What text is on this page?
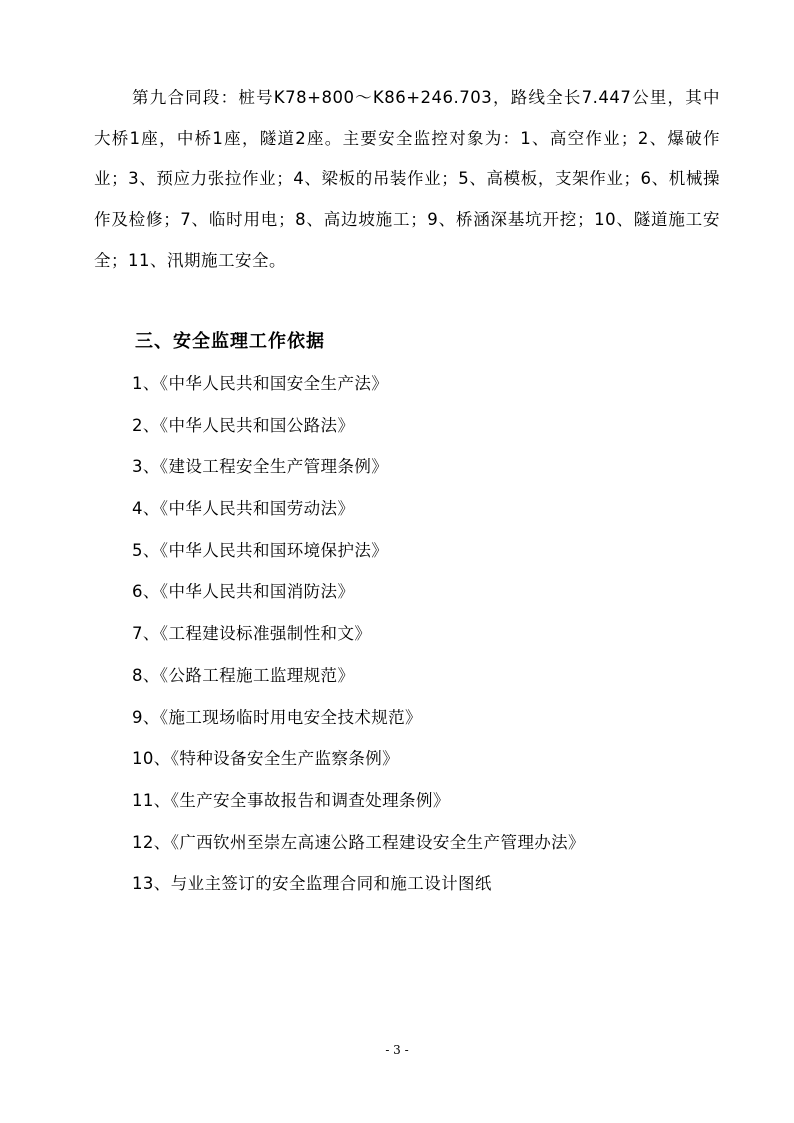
第九合同段：桩号K78+800～K86+246.703，路线全长7.447公里，其中大桥1座，中桥1座，隧道2座。主要安全监控对象为：1、高空作业；2、爆破作业；3、预应力张拉作业；4、梁板的吊装作业；5、高模板，支架作业；6、机械操作及检修；7、临时用电；8、高边坡施工；9、桥涵深基坑开挖；10、隧道施工安全；11、汛期施工安全。

三、安全监理工作依据
1、《中华人民共和国安全生产法》
2、《中华人民共和国公路法》
3、《建设工程安全生产管理条例》
4、《中华人民共和国劳动法》
5、《中华人民共和国环境保护法》
6、《中华人民共和国消防法》
7、《工程建设标准强制性和文》
8、《公路工程施工监理规范》
9、《施工现场临时用电安全技术规范》
10、《特种设备安全生产监察条例》
11、《生产安全事故报告和调查处理条例》
12、《广西钦州至崇左高速公路工程建设安全生产管理办法》
13、与业主签订的安全监理合同和施工设计图纸
- 3 -
